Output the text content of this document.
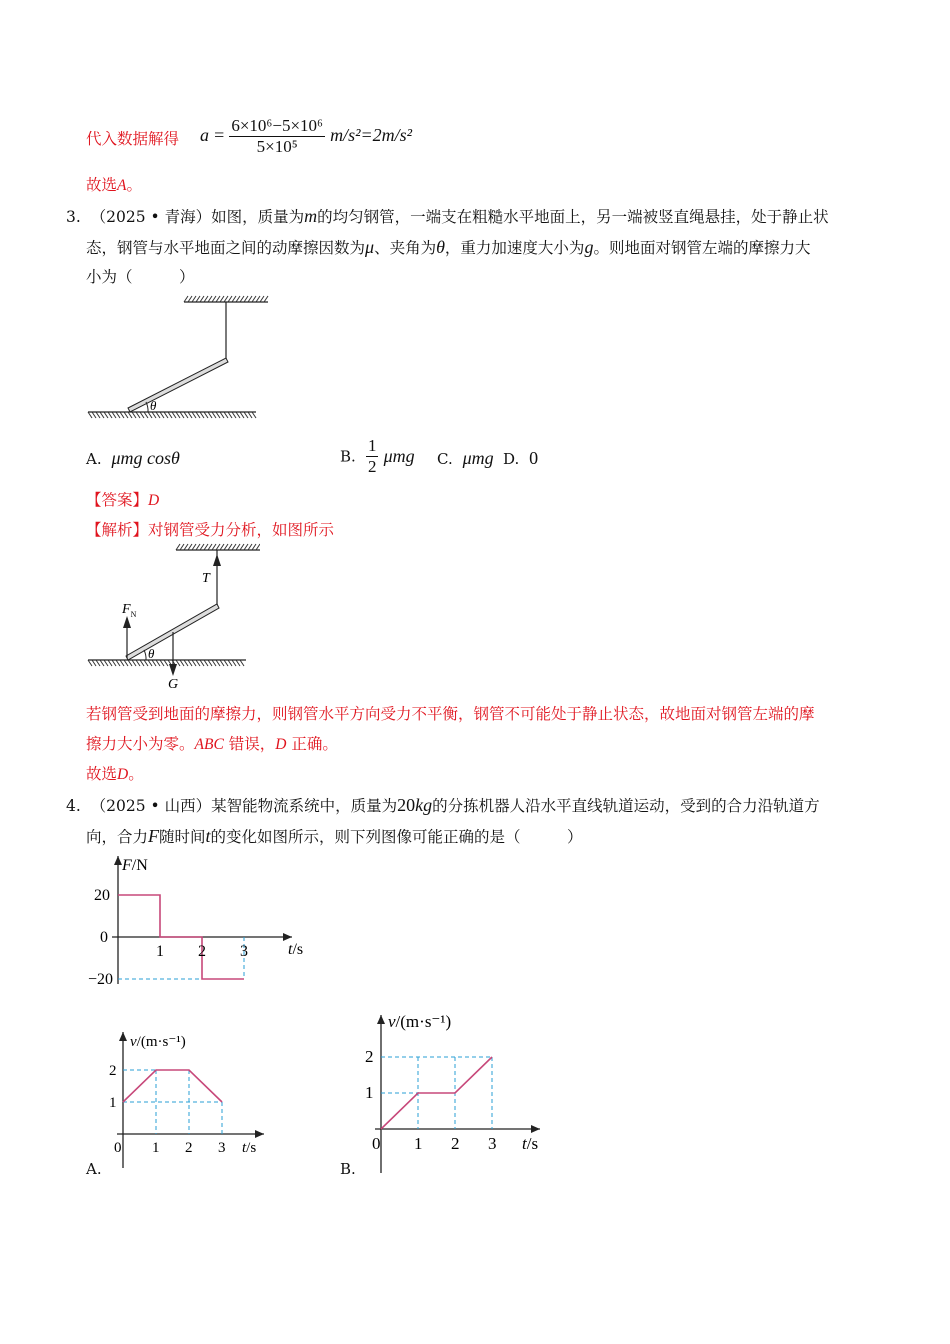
代入数据解得 $a = \frac{\text{6×10⁶−5×10⁶}}{\text{5×10⁵}} m/s^2=2m/s^2$
故选A。
3. （2025 • 青海）如图，质量为m的均匀钢管，一端支在粗糙水平地面上，另一端被竖直绳悬挂，处于静止状
态，钢管与水平地面之间的动摩擦因数为μ、夹角为θ，重力加速度大小为g。则地面对钢管左端的摩擦力大
小为（　　　）
θ
A. μmg cosθ	B. $\frac{1}{2}$ μmg C. μmg D. 0
【答案】D
【解析】对钢管受力分析，如图所示
T
$F_N$
θ
G
若钢管受到地面的摩擦力，则钢管水平方向受力不平衡，钢管不可能处于静止状态，故地面对钢管左端的摩
擦力大小为零。ABC 错误，D 正确。
故选D。
4. （2025 • 山西）某智能物流系统中，质量为20kg的分拣机器人沿水平直线轨道运动，受到的合力沿轨道方
向，合力F随时间t的变化如图所示，则下列图像可能正确的是（　　　）
1 2 3
20
0
−20
t/s
F/N
0 1 2 3
1
2
t/s
v/(m·s⁻¹)
A.
0 1 2 3
1
2
t/s
v/(m·s⁻¹)
B.
